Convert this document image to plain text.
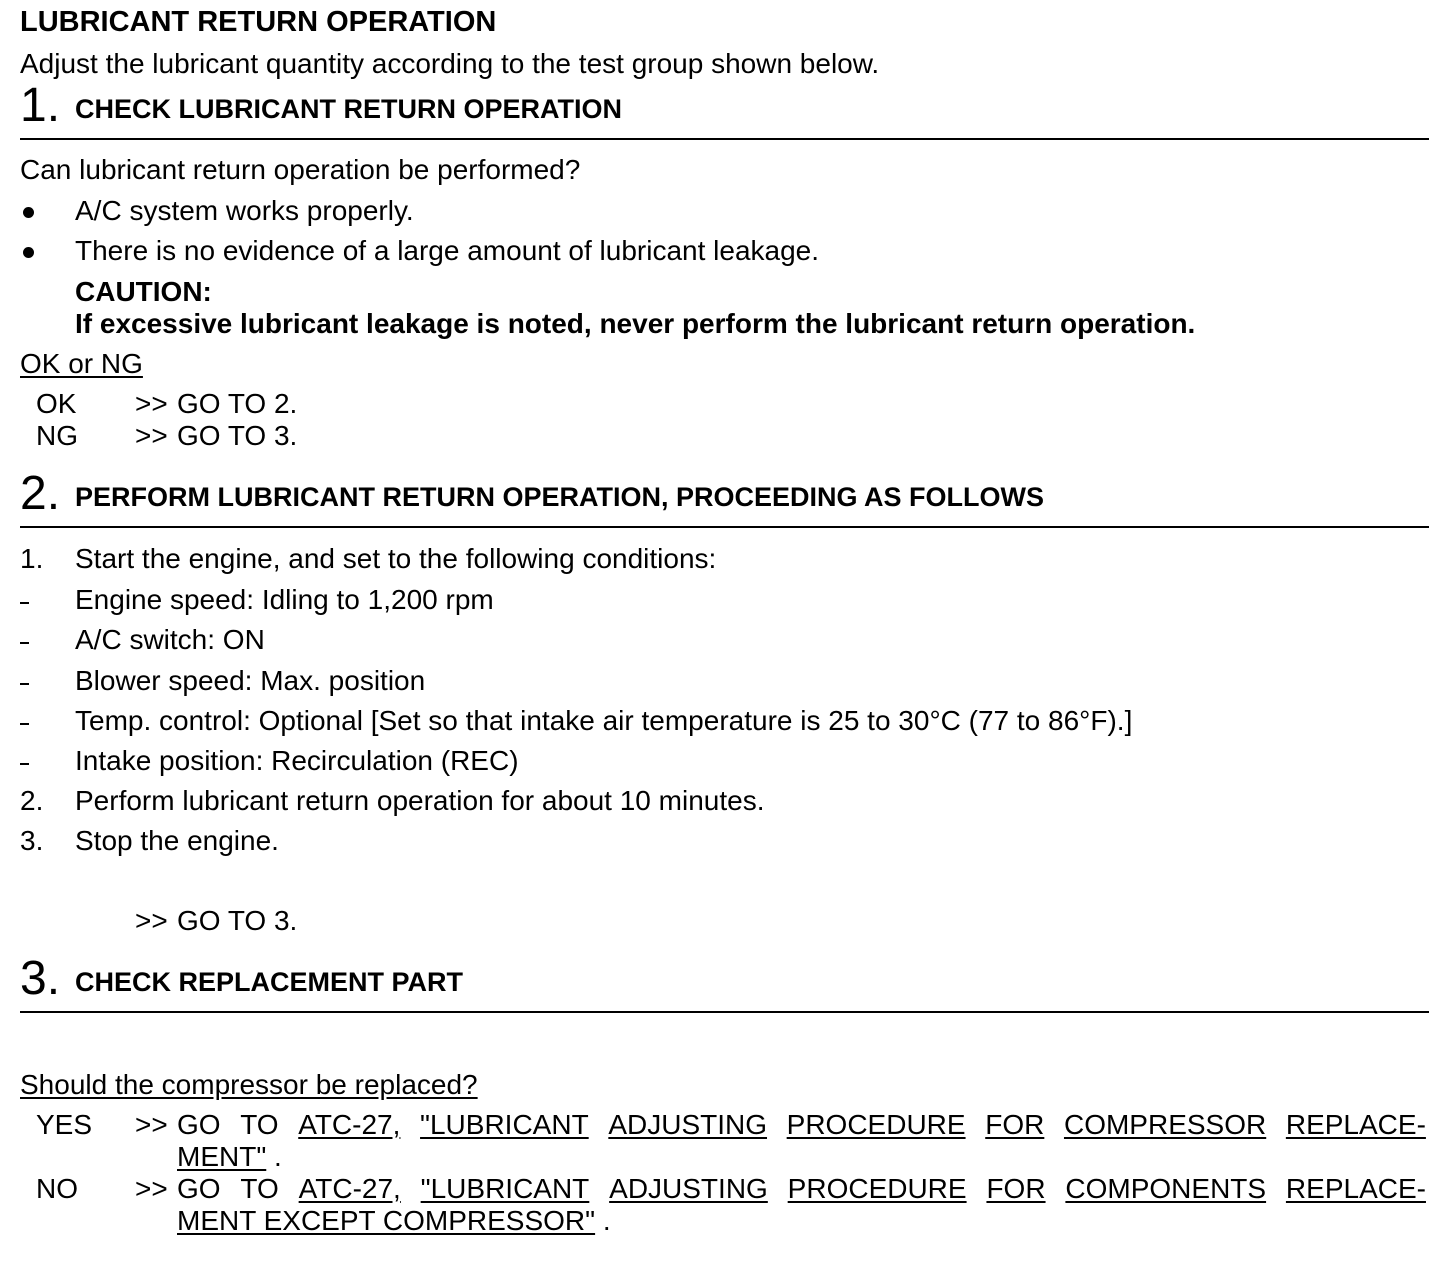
LUBRICANT RETURN OPERATION
Adjust the lubricant quantity according to the test group shown below.
1. CHECK LUBRICANT RETURN OPERATION
Can lubricant return operation be performed?
A/C system works properly.
There is no evidence of a large amount of lubricant leakage.
CAUTION:
If excessive lubricant leakage is noted, never perform the lubricant return operation.
OK or NG
OK >> GO TO 2.
NG >> GO TO 3.
2. PERFORM LUBRICANT RETURN OPERATION, PROCEEDING AS FOLLOWS
1. Start the engine, and set to the following conditions:
Engine speed: Idling to 1,200 rpm
A/C switch: ON
Blower speed: Max. position
Temp. control: Optional [Set so that intake air temperature is 25 to 30°C (77 to 86°F).]
Intake position: Recirculation (REC)
2. Perform lubricant return operation for about 10 minutes.
3. Stop the engine.
>> GO TO 3.
3. CHECK REPLACEMENT PART
Should the compressor be replaced?
YES >> GO TO ATC-27, "LUBRICANT ADJUSTING PROCEDURE FOR COMPRESSOR REPLACE-
MENT" .
NO >> GO TO ATC-27, "LUBRICANT ADJUSTING PROCEDURE FOR COMPONENTS REPLACE-
MENT EXCEPT COMPRESSOR" .
